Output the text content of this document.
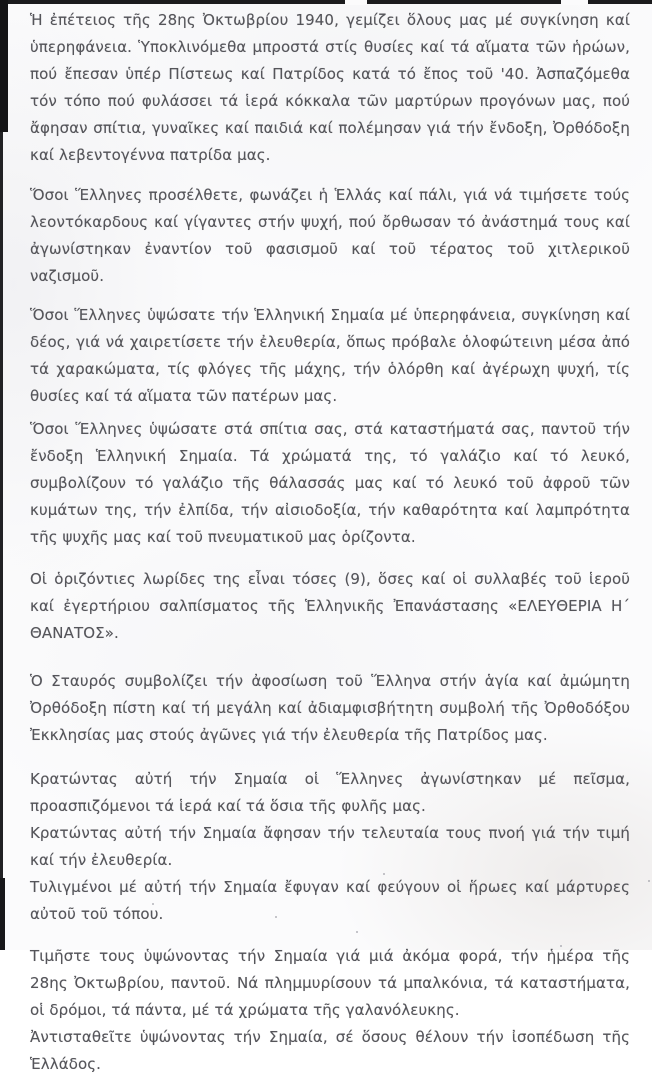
Ἡ ἐπέτειος τῆς 28ης Ὀκτωβρίου 1940, γεμίζει ὅλους μας μέ συγκίνηση καί ὑπερηφάνεια. Ὑποκλινόμεθα μπροστά στίς θυσίες καί τά αἵματα τῶν ἡρώων, πού ἔπεσαν ὑπέρ Πίστεως καί Πατρίδος κατά τό ἔπος τοῦ '40. Ἀσπαζόμεθα τόν τόπο πού φυλάσσει τά ἱερά κόκκαλα τῶν μαρτύρων προγόνων μας, πού ἄφησαν σπίτια, γυναῖκες καί παιδιά καί πολέμησαν γιά τήν ἔνδοξη, Ὀρθόδοξη καί λεβεντογέννα πατρίδα μας.

Ὅσοι Ἕλληνες προσέλθετε, φωνάζει ἡ Ἑλλάς καί πάλι, γιά νά τιμήσετε τούς λεοντόκαρδους καί γίγαντες στήν ψυχή, πού ὄρθωσαν τό ἀνάστημά τους καί ἀγωνίστηκαν ἐναντίον τοῦ φασισμοῦ καί τοῦ τέρατος τοῦ χιτλερικοῦ ναζισμοῦ.

Ὅσοι Ἕλληνες ὑψώσατε τήν Ἑλληνική Σημαία μέ ὑπερηφάνεια, συγκίνηση καί δέος, γιά νά χαιρετίσετε τήν ἐλευθερία, ὅπως πρόβαλε ὁλοφώτεινη μέσα ἀπό τά χαρακώματα, τίς φλόγες τῆς μάχης, τήν ὁλόρθη καί ἀγέρωχη ψυχή, τίς θυσίες καί τά αἵματα τῶν πατέρων μας.

Ὅσοι Ἕλληνες ὑψώσατε στά σπίτια σας, στά καταστήματά σας, παντοῦ τήν ἔνδοξη Ἑλληνική Σημαία. Τά χρώματά της, τό γαλάζιο καί τό λευκό, συμβολίζουν τό γαλάζιο τῆς θάλασσάς μας καί τό λευκό τοῦ ἀφροῦ τῶν κυμάτων της, τήν ἐλπίδα, τήν αἰσιοδοξία, τήν καθαρότητα καί λαμπρότητα τῆς ψυχῆς μας καί τοῦ πνευματικοῦ μας ὁρίζοντα.

Οἱ ὁριζόντιες λωρίδες της εἶναι τόσες (9), ὅσες καί οἱ συλλαβές τοῦ ἱεροῦ καί ἐγερτήριου σαλπίσματος τῆς Ἑλληνικῆς Ἐπανάστασης «ΕΛΕΥΘΕΡΙΑ Η΄ ΘΑΝΑΤΟΣ».

Ὁ Σταυρός συμβολίζει τήν ἀφοσίωση τοῦ Ἕλληνα στήν ἁγία καί ἀμώμητη Ὀρθόδοξη πίστη καί τή μεγάλη καί ἀδιαμφισβήτητη συμβολή τῆς Ὀρθοδόξου Ἐκκλησίας μας στούς ἀγῶνες γιά τήν ἐλευθερία τῆς Πατρίδος μας.

Κρατώντας αὐτή τήν Σημαία οἱ Ἕλληνες ἀγωνίστηκαν μέ πεῖσμα, προασπιζόμενοι τά ἱερά καί τά ὅσια τῆς φυλῆς μας.

Κρατώντας αὐτή τήν Σημαία ἄφησαν τήν τελευταία τους πνοή γιά τήν τιμή καί τήν ἐλευθερία.

Τυλιγμένοι μέ αὐτή τήν Σημαία ἔφυγαν καί φεύγουν οἱ ἥρωες καί μάρτυρες αὐτοῦ τοῦ τόπου.

Τιμῆστε τους ὑψώνοντας τήν Σημαία γιά μιά ἀκόμα φορά, τήν ἡμέρα τῆς 28ης Ὀκτωβρίου, παντοῦ. Νά πλημμυρίσουν τά μπαλκόνια, τά καταστήματα, οἱ δρόμοι, τά πάντα, μέ τά χρώματα τῆς γαλανόλευκης.

Ἀντισταθεῖτε ὑψώνοντας τήν Σημαία, σέ ὅσους θέλουν τήν ἰσοπέδωση τῆς Ἑλλάδος.
